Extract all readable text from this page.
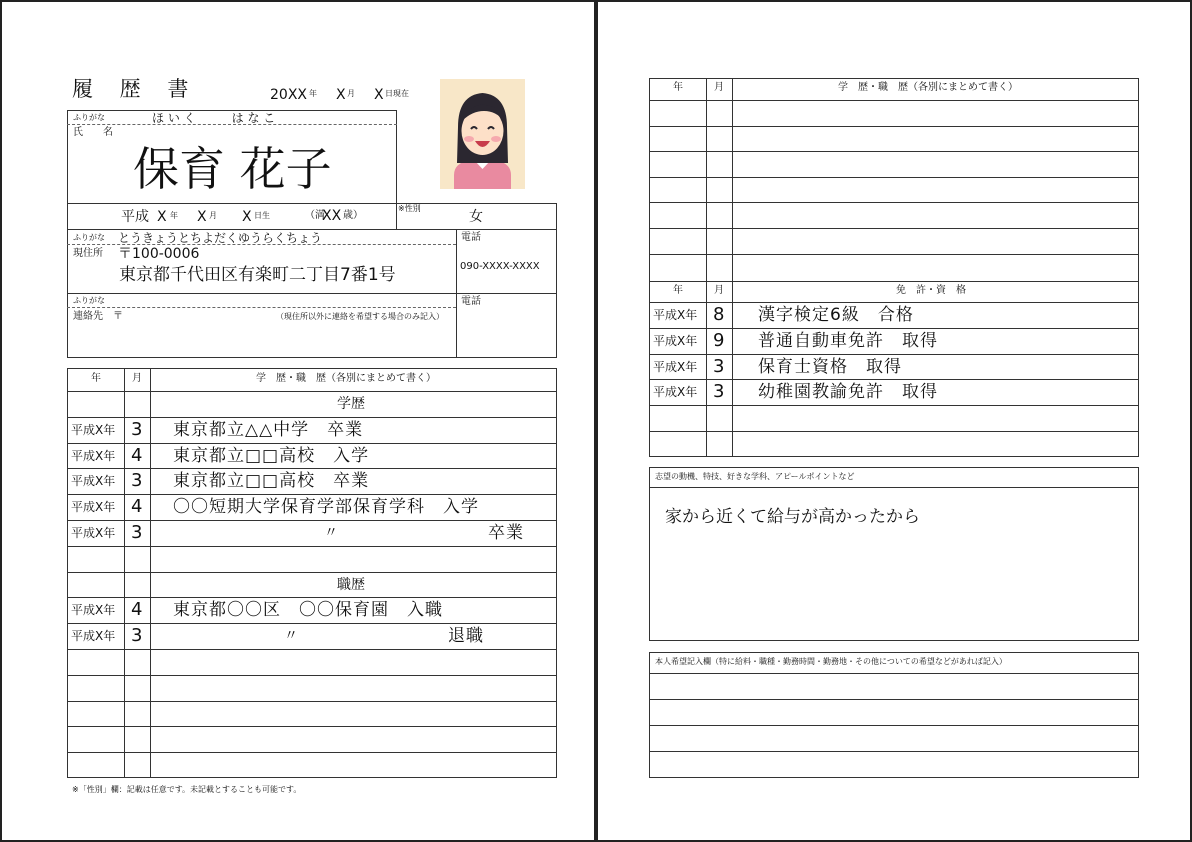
履 歴 書	20XX 年 X 月 X 日現在
ふりがな	ほ い く　　　は な こ
氏　　名
保育 花子
平成 X 年 X 月 X 日生	（満
XX 歳）
※性別
女
ふりがな とうきょうとちよだくゆうらくちょう
現住所 〒100-0006
東京都千代田区有楽町二丁目7番1号
電話
090-XXXX-XXXX
ふりがな
連絡先　〒	（現住所以外に連絡を希望する場合のみ記入）
電話
年	月	学　歴・職　歴（各別にまとめて書く）
学歴
平成X年 3 東京都立△△中学　卒業
平成X年 4 東京都立□□高校　入学
平成X年 3 東京都立□□高校　卒業
平成X年 4 〇〇短期大学保育学部保育学科　入学
平成X年 3	〃	卒業
職歴
平成X年 4 東京都〇〇区　〇〇保育園　入職
平成X年 3	〃	退職
※「性別」欄：記載は任意です。未記載とすることも可能です。
年	月	学　歴・職　歴（各別にまとめて書く）
年	月	免　許・資　格
平成X年 8 漢字検定6級　合格
平成X年 9 普通自動車免許　取得
平成X年 3 保育士資格　取得
平成X年 3 幼稚園教諭免許　取得
志望の動機、特技、好きな学科、アピールポイントなど
家から近くて給与が高かったから
本人希望記入欄（特に給料・職種・勤務時間・勤務地・その他についての希望などがあれば記入）
